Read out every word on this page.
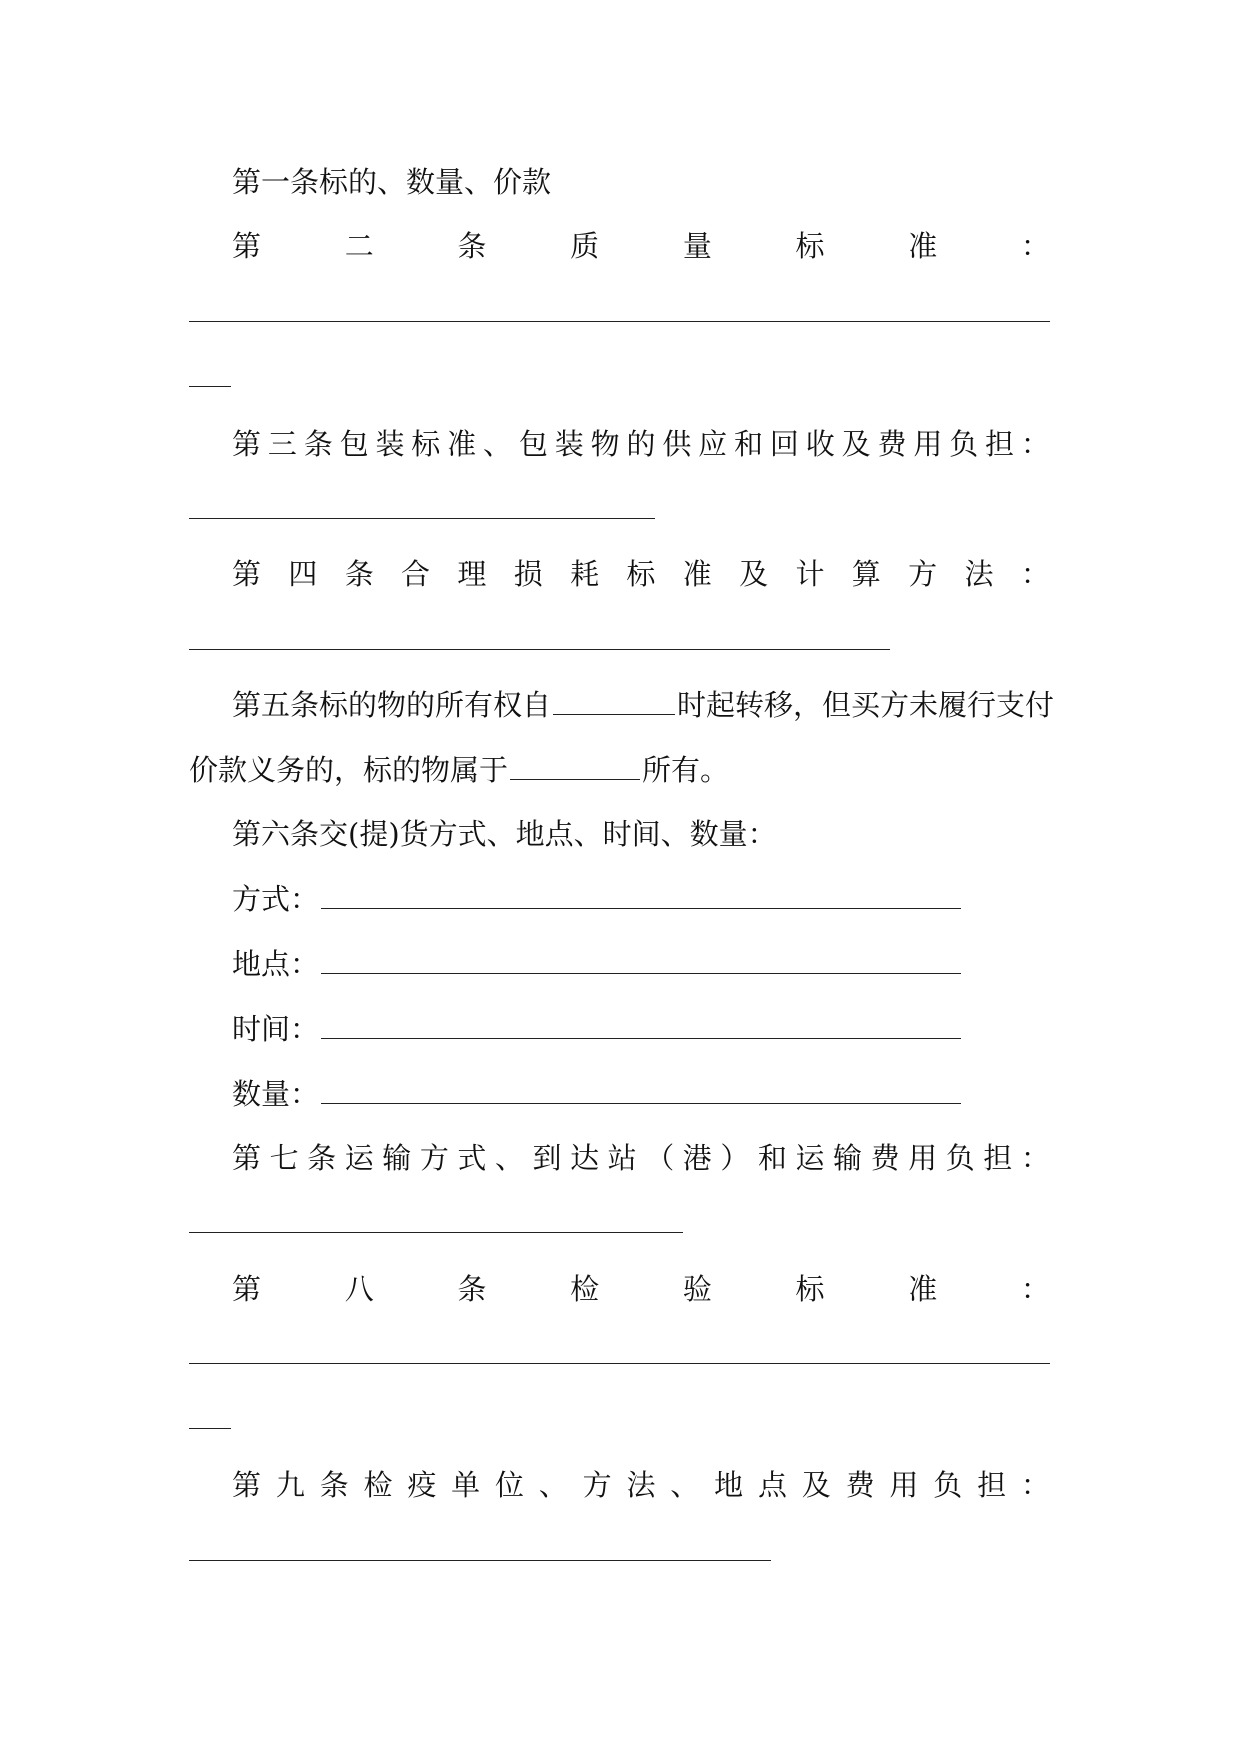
第一条标的、数量、价款
第	二	条	质	量	标	准	：
第 三 条 包 装 标 准 、 包 装 物 的 供 应 和 回 收 及 费 用 负 担 ：
第 四 条 合 理 损 耗 标 准 及 计 算 方 法 ：
第五条标的物的所有权自	时起转移，但买方未履行支付
价款义务的，标的物属于	所有。
第六条交(提)货方式、地点、时间、数量：
方式：
地点：
时间：
数量：
第 七 条 运 输 方 式 、 到 达 站 （ 港 ） 和 运 输 费 用 负 担 ：
第	八	条	检	验	标	准	：
第 九 条 检 疫 单 位 、 方 法 、 地 点 及 费 用 负 担 ：
